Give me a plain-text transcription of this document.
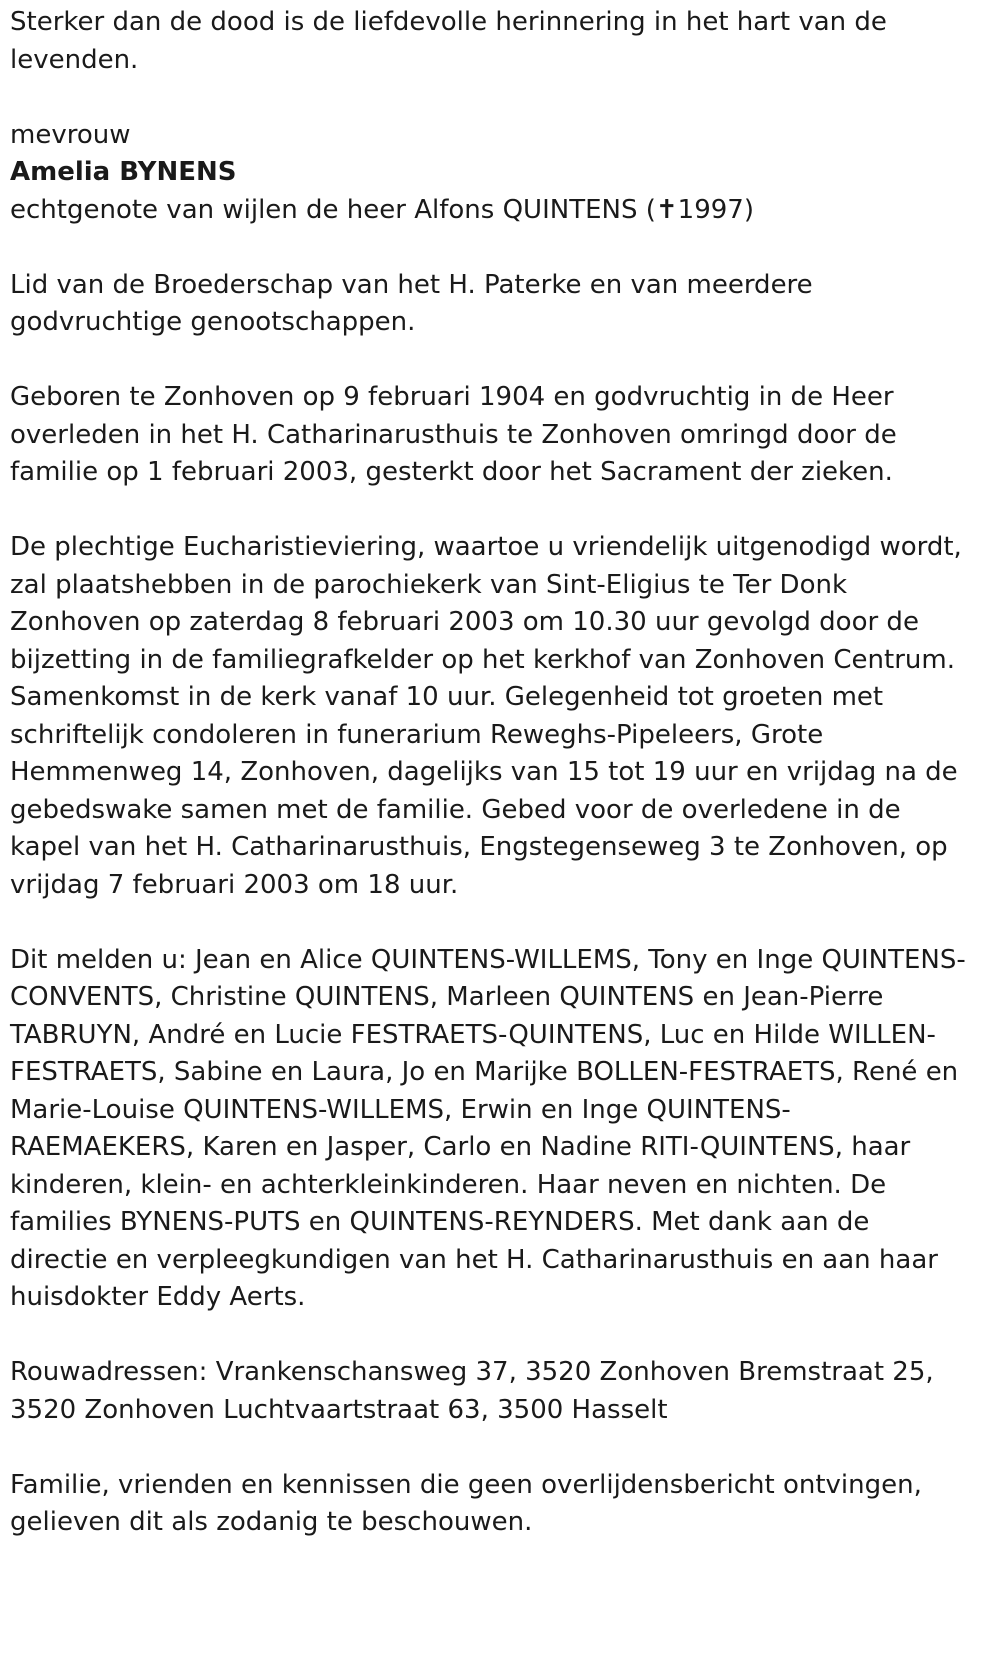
Sterker dan de dood is de liefdevolle herinnering in het hart van de
levenden.

mevrouw

Amelia BYNENS

echtgenote van wijlen de heer Alfons QUINTENS (✝1997)

Lid van de Broederschap van het H. Paterke en van meerdere
godvruchtige genootschappen.

Geboren te Zonhoven op 9 februari 1904 en godvruchtig in de Heer
overleden in het H. Catharinarusthuis te Zonhoven omringd door de
familie op 1 februari 2003, gesterkt door het Sacrament der zieken.

De plechtige Eucharistieviering, waartoe u vriendelijk uitgenodigd wordt,
zal plaatshebben in de parochiekerk van Sint-Eligius te Ter Donk
Zonhoven op zaterdag 8 februari 2003 om 10.30 uur gevolgd door de
bijzetting in de familiegrafkelder op het kerkhof van Zonhoven Centrum.
Samenkomst in de kerk vanaf 10 uur. Gelegenheid tot groeten met
schriftelijk condoleren in funerarium Reweghs-Pipeleers, Grote
Hemmenweg 14, Zonhoven, dagelijks van 15 tot 19 uur en vrijdag na de
gebedswake samen met de familie. Gebed voor de overledene in de
kapel van het H. Catharinarusthuis, Engstegenseweg 3 te Zonhoven, op
vrijdag 7 februari 2003 om 18 uur.

Dit melden u: Jean en Alice QUINTENS-WILLEMS, Tony en Inge QUINTENS-
CONVENTS, Christine QUINTENS, Marleen QUINTENS en Jean-Pierre
TABRUYN, André en Lucie FESTRAETS-QUINTENS, Luc en Hilde WILLEN-
FESTRAETS, Sabine en Laura, Jo en Marijke BOLLEN-FESTRAETS, René en
Marie-Louise QUINTENS-WILLEMS, Erwin en Inge QUINTENS-
RAEMAEKERS, Karen en Jasper, Carlo en Nadine RITI-QUINTENS, haar
kinderen, klein- en achterkleinkinderen. Haar neven en nichten. De
families BYNENS-PUTS en QUINTENS-REYNDERS. Met dank aan de
directie en verpleegkundigen van het H. Catharinarusthuis en aan haar
huisdokter Eddy Aerts.

Rouwadressen: Vrankenschansweg 37, 3520 Zonhoven Bremstraat 25,
3520 Zonhoven Luchtvaartstraat 63, 3500 Hasselt

Familie, vrienden en kennissen die geen overlijdensbericht ontvingen,
gelieven dit als zodanig te beschouwen.
